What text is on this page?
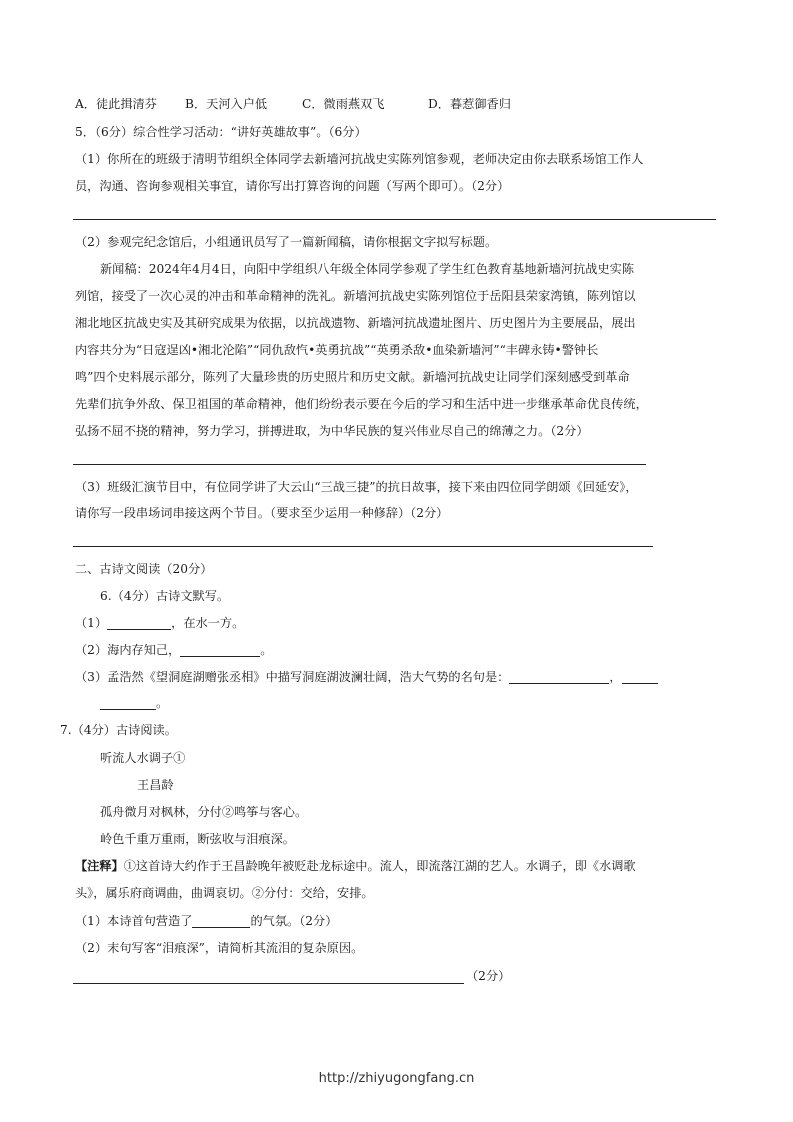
A．徒此揖清芬 B．天河入户低	C．微雨燕双飞	D．暮惹御香归
5．（6分）综合性学习活动：“讲好英雄故事”。（6分）
（1）你所在的班级于清明节组织全体同学去新墙河抗战史实陈列馆参观，老师决定由你去联系场馆工作人
员，沟通、咨询参观相关事宜，请你写出打算咨询的问题（写两个即可）。（2分）
（2）参观完纪念馆后，小组通讯员写了一篇新闻稿，请你根据文字拟写标题。
新闻稿：2024年4月4日，向阳中学组织八年级全体同学参观了学生红色教育基地新墙河抗战史实陈
列馆，接受了一次心灵的冲击和革命精神的洗礼。新墙河抗战史实陈列馆位于岳阳县荣家湾镇，陈列馆以
湘北地区抗战史实及其研究成果为依据，以抗战遗物、新墙河抗战遗址图片、历史图片为主要展品，展出
内容共分为“日寇逞凶•湘北沦陷”“同仇敌忾•英勇抗战”“英勇杀敌•血染新墙河”“丰碑永铸•警钟长
鸣”四个史料展示部分，陈列了大量珍贵的历史照片和历史文献。新墙河抗战史让同学们深刻感受到革命
先辈们抗争外敌、保卫祖国的革命精神，他们纷纷表示要在今后的学习和生活中进一步继承革命优良传统，
弘扬不屈不挠的精神，努力学习，拼搏进取，为中华民族的复兴伟业尽自己的绵薄之力。（2分）
（3）班级汇演节目中，有位同学讲了大云山“三战三捷”的抗日故事，接下来由四位同学朗颂《回延安》，
请你写一段串场词串接这两个节目。（要求至少运用一种修辞）（2分）
二、古诗文阅读（20分）
6.（4分）古诗文默写。
（1）	，在水一方。
（2）海内存知己，	。
（3）孟浩然《望洞庭湖赠张丞相》中描写洞庭湖波澜壮阔，浩大气势的名句是：	，
。
7.（4分）古诗阅读。
听流人水调子①
王昌龄
孤舟微月对枫林，分付②鸣筝与客心。
岭色千重万重雨，断弦收与泪痕深。
【注释】①这首诗大约作于王昌龄晚年被贬赴龙标途中。流人，即流落江湖的艺人。水调子，即《水调歌
头》，属乐府商调曲，曲调哀切。②分付：交给，安排。
（1）本诗首句营造了	的气氛。（2分）
（2）末句写客“泪痕深”，请简析其流泪的复杂原因。
（2分）
http://zhiyugongfang.cn
